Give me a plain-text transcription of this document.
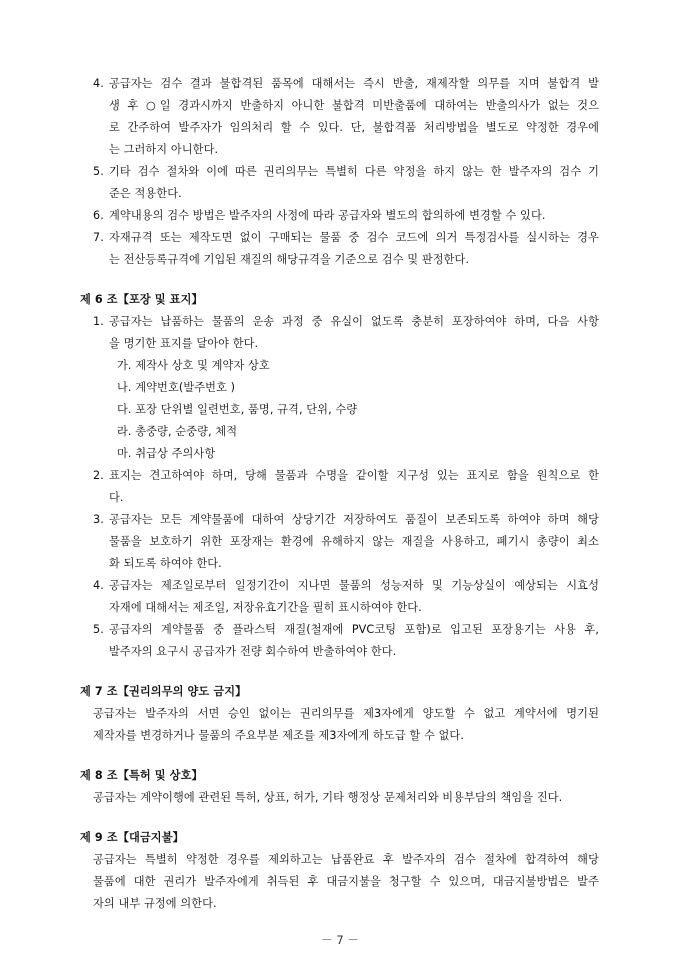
4. 공급자는 검수 결과 불합격된 품목에 대해서는 즉시 반출, 재제작할 의무를 지며 불합격 발
생 후 ○일 경과시까지 반출하지 아니한 불합격 미반출품에 대하여는 반출의사가 없는 것으
로 간주하여 발주자가 임의처리 할 수 있다. 단, 불합격품 처리방법을 별도로 약정한 경우에
는 그러하지 아니한다.
5. 기타 검수 절차와 이에 따른 권리의무는 특별히 다른 약정을 하지 않는 한 발주자의 검수 기
준은 적용한다.
6. 계약내용의 검수 방법은 발주자의 사정에 따라 공급자와 별도의 합의하에 변경할 수 있다.
7. 자재규격 또는 제작도면 없이 구매되는 물품 중 검수 코드에 의거 특정검사를 실시하는 경우
는 전산등록규격에 기입된 재질의 해당규격을 기준으로 검수 및 판정한다.
제 6 조【포장 및 표지】
1. 공급자는 납품하는 물품의 운송 과정 중 유실이 없도록 충분히 포장하여야 하며, 다음 사항
을 명기한 표지를 달아야 한다.
가. 제작사 상호 및 계약자 상호
나. 계약번호(발주번호 )
다. 포장 단위별 일련번호, 품명, 규격, 단위, 수량
라. 총중량, 순중량, 체적
마. 취급상 주의사항
2. 표지는 견고하여야 하며, 당해 물품과 수명을 같이할 지구성 있는 표지로 함을 원칙으로 한
다.
3. 공급자는 모든 계약물품에 대하여 상당기간 저장하여도 품질이 보존되도록 하여야 하며 해당
물품을 보호하기 위한 포장재는 환경에 유해하지 않는 재질을 사용하고, 폐기시 총량이 최소
화 되도록 하여야 한다.
4. 공급자는 제조일로부터 일정기간이 지나면 물품의 성능저하 및 기능상실이 예상되는 시효성
자재에 대해서는 제조일, 저장유효기간을 필히 표시하여야 한다.
5. 공급자의 계약물품 중 플라스틱 재질(철재에 PVC코팅 포함)로 입고된 포장용기는 사용 후,
발주자의 요구시 공급자가 전량 회수하여 반출하여야 한다.
제 7 조【권리의무의 양도 금지】
공급자는 발주자의 서면 승인 없이는 권리의무를 제3자에게 양도할 수 없고 계약서에 명기된
제작자를 변경하거나 물품의 주요부분 제조를 제3자에게 하도급 할 수 없다.
제 8 조【특허 및 상호】
공급자는 계약이행에 관련된 특허, 상표, 허가, 기타 행정상 문제처리와 비용부담의 책임을 진다.
제 9 조【대금지불】
공급자는 특별히 약정한 경우를 제외하고는 납품완료 후 발주자의 검수 절차에 합격하여 해당
물품에 대한 권리가 발주자에게 취득된 후 대금지불을 청구할 수 있으며, 대금지불방법은 발주
자의 내부 규정에 의한다.
－ 7 －
